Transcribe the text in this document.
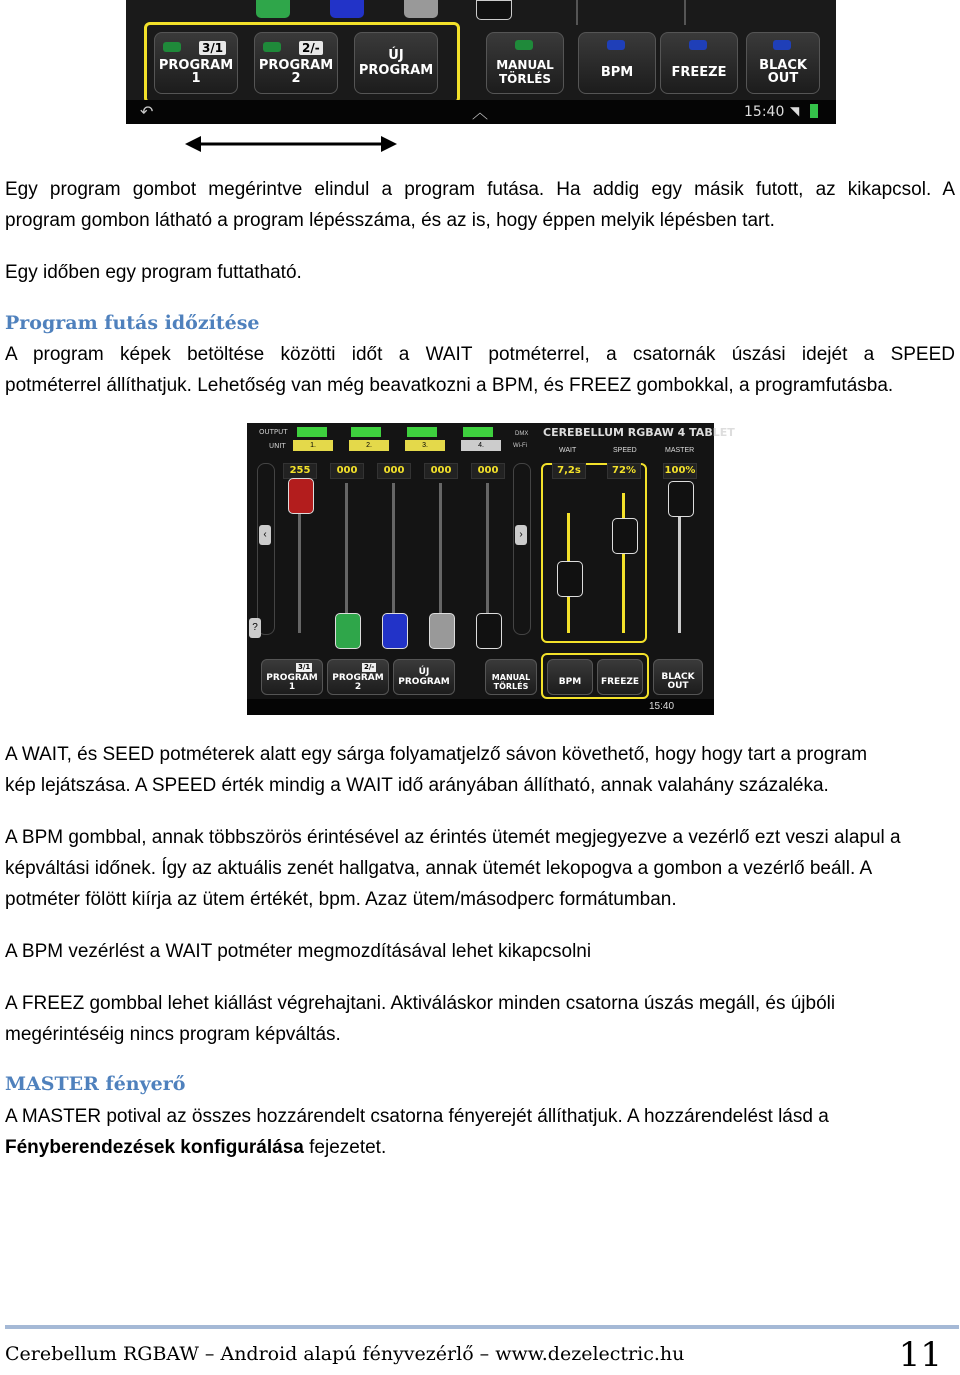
3/1
PROGRAM
1
2/-
PROGRAM
2
ÚJ
PROGRAM	MANUAL
TÖRLÉS	BPM	FREEZE	BLACK
OUT
↶	︿	15:40 ◥
Egy program gombot megérintve elindul a program futása. Ha addig egy másik futott, az kikapcsol. A
program gombon látható a program lépésszáma, és az is, hogy éppen melyik lépésben tart.
Egy időben egy program futtatható.
Program futás időzítése
A program képek betöltése közötti időt a WAIT potméterrel, a csatornák úszási idejét a SPEED
potméterrel állíthatjuk. Lehetőség van még beavatkozni a BPM, és FREEZ gombokkal, a programfutásba.
OUTPUT
UNIT	1.	2.	3.	4.
DMX
Wi-Fi
CEREBELLUM RGBAW 4 TABLET
255	000	000	000	000
‹	›
?
WAIT	SPEED	MASTER
7,2s	72%	100%
3/1
PROGRAM
1
2/-
PROGRAM
2
ÚJ
PROGRAM	MANUAL
TÖRLÉS	BPM	FREEZE	BLACK
OUT
15:40
A WAIT, és SEED potméterek alatt egy sárga folyamatjelző sávon követhető, hogy hogy tart a program
kép lejátszása. A SPEED érték mindig a WAIT idő arányában állítható, annak valahány százaléka.
A BPM gombbal, annak többszörös érintésével az érintés ütemét megjegyezve a vezérlő ezt veszi alapul a
képváltási időnek. Így az aktuális zenét hallgatva, annak ütemét lekopogva a gombon a vezérlő beáll. A
potméter fölött kiírja az ütem értékét, bpm. Azaz ütem/másodperc formátumban.
A BPM vezérlést a WAIT potméter megmozdításával lehet kikapcsolni
A FREEZ gombbal lehet kiállást végrehajtani. Aktiváláskor minden csatorna úszás megáll, és újbóli
megérintéséig nincs program képváltás.
MASTER fényerő
A MASTER potival az összes hozzárendelt csatorna fényerejét állíthatjuk. A hozzárendelést lásd a
Fényberendezések konfigurálása fejezetet.
Cerebellum RGBAW – Android alapú fényvezérlő – www.dezelectric.hu	11
